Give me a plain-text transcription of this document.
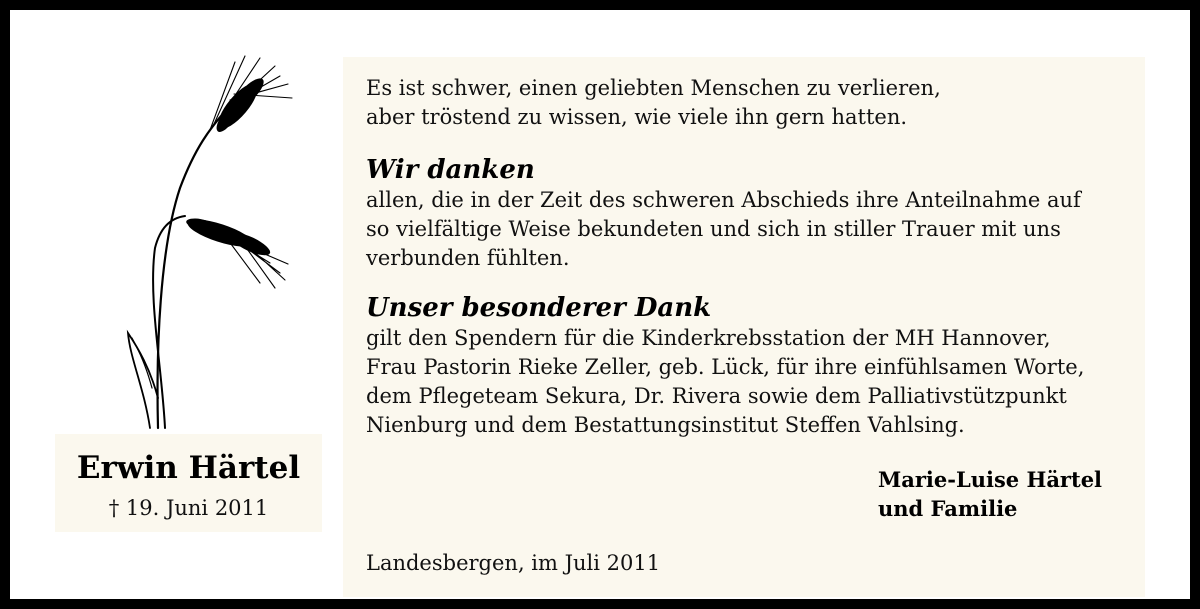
Es ist schwer, einen geliebten Menschen zu verlieren,
aber tröstend zu wissen, wie viele ihn gern hatten.
Wir danken
allen, die in der Zeit des schweren Abschieds ihre Anteilnahme auf
so vielfältige Weise bekundeten und sich in stiller Trauer mit uns
verbunden fühlten.
Unser besonderer Dank
gilt den Spendern für die Kinderkrebsstation der MH Hannover,
Frau Pastorin Rieke Zeller, geb. Lück, für ihre einfühlsamen Worte,
dem Pflegeteam Sekura, Dr. Rivera sowie dem Palliativstützpunkt
Nienburg und dem Bestattungsinstitut Steffen Vahlsing.
Marie-Luise Härtel
und Familie
Landesbergen, im Juli 2011
Erwin Härtel
† 19. Juni 2011
